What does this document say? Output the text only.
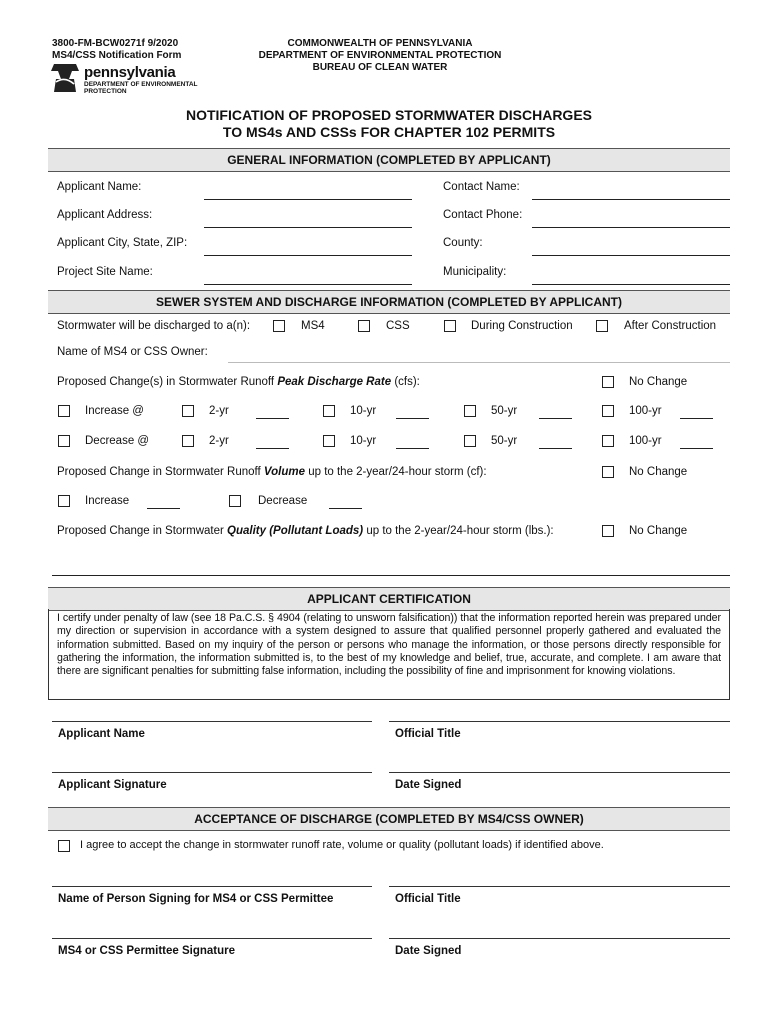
3800-FM-BCW0271f 9/2020
MS4/CSS Notification Form
pennsylvania
DEPARTMENT OF ENVIRONMENTAL
PROTECTION
COMMONWEALTH OF PENNSYLVANIA
DEPARTMENT OF ENVIRONMENTAL PROTECTION
BUREAU OF CLEAN WATER
NOTIFICATION OF PROPOSED STORMWATER DISCHARGES
TO MS4s AND CSSs FOR CHAPTER 102 PERMITS
GENERAL INFORMATION (COMPLETED BY APPLICANT)
Applicant Name:	Contact Name:
Applicant Address:	Contact Phone:
Applicant City, State, ZIP:	County:
Project Site Name:	Municipality:
SEWER SYSTEM AND DISCHARGE INFORMATION (COMPLETED BY APPLICANT)
Stormwater will be discharged to a(n):	MS4	CSS	During Construction	After Construction
Name of MS4 or CSS Owner:
Proposed Change(s) in Stormwater Runoff Peak Discharge Rate (cfs):	No Change
Increase @	2-yr	10-yr	50-yr	100-yr
Decrease @	2-yr	10-yr	50-yr	100-yr
Proposed Change in Stormwater Runoff Volume up to the 2-year/24-hour storm (cf):	No Change
Increase	Decrease
Proposed Change in Stormwater Quality (Pollutant Loads) up to the 2-year/24-hour storm (lbs.):	No Change
APPLICANT CERTIFICATION

I certify under penalty of law (see 18 Pa.C.S. § 4904 (relating to unsworn falsification)) that the information reported herein was prepared under my direction or supervision in accordance with a system designed to assure that qualified personnel properly gathered and evaluated the information submitted. Based on my inquiry of the person or persons who manage the information, or those persons directly responsible for gathering the information, the information submitted is, to the best of my knowledge and belief, true, accurate, and complete. I am aware that there are significant penalties for submitting false information, including the possibility of fine and imprisonment for knowing violations.

Applicant Name	Official Title
Applicant Signature	Date Signed
ACCEPTANCE OF DISCHARGE (COMPLETED BY MS4/CSS OWNER)
I agree to accept the change in stormwater runoff rate, volume or quality (pollutant loads) if identified above.
Name of Person Signing for MS4 or CSS Permittee	Official Title
MS4 or CSS Permittee Signature	Date Signed
